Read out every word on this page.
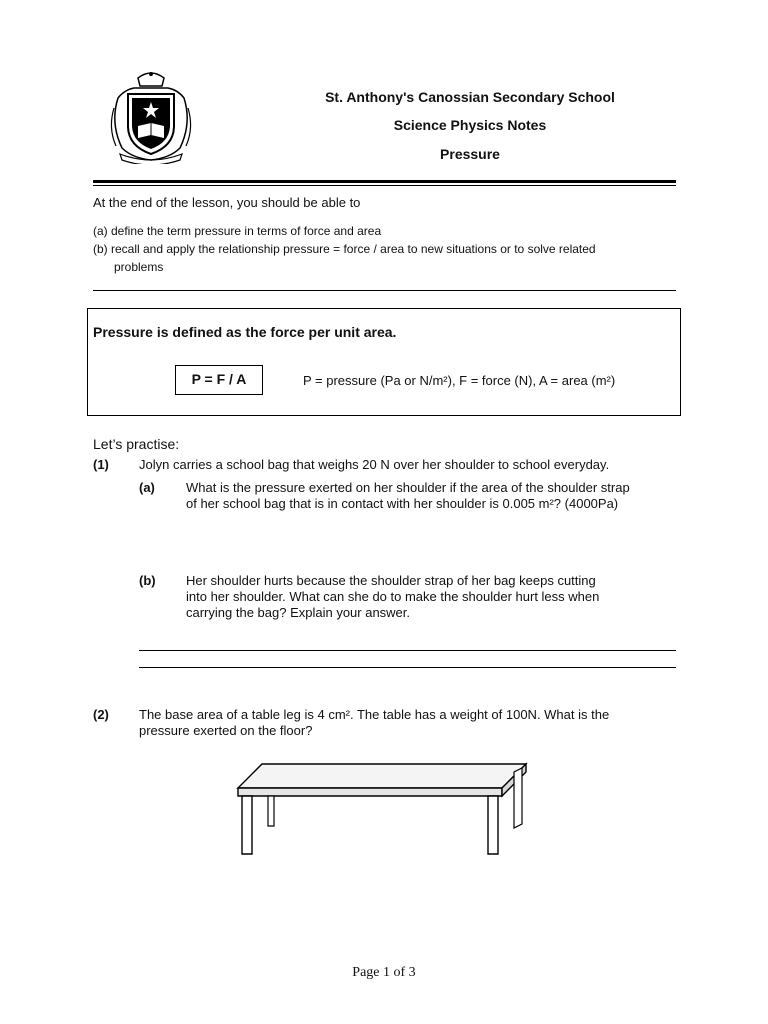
St. Anthony's Canossian Secondary School
Science Physics Notes
Pressure
At the end of the lesson, you should be able to
(a) define the term pressure in terms of force and area
(b) recall and apply the relationship pressure = force / area to new situations or to solve related
problems
Pressure is defined as the force per unit area.
P = F / A	P = pressure (Pa or N/m²), F = force (N), A = area (m²)
Let’s practise:
(1) Jolyn carries a school bag that weighs 20 N over her shoulder to school everyday.
(a) What is the pressure exerted on her shoulder if the area of the shoulder strap
of her school bag that is in contact with her shoulder is 0.005 m²? (4000Pa)
(b) Her shoulder hurts because the shoulder strap of her bag keeps cutting
into her shoulder. What can she do to make the shoulder hurt less when
carrying the bag? Explain your answer.
(2) The base area of a table leg is 4 cm². The table has a weight of 100N. What is the
pressure exerted on the floor?
Page 1 of 3
